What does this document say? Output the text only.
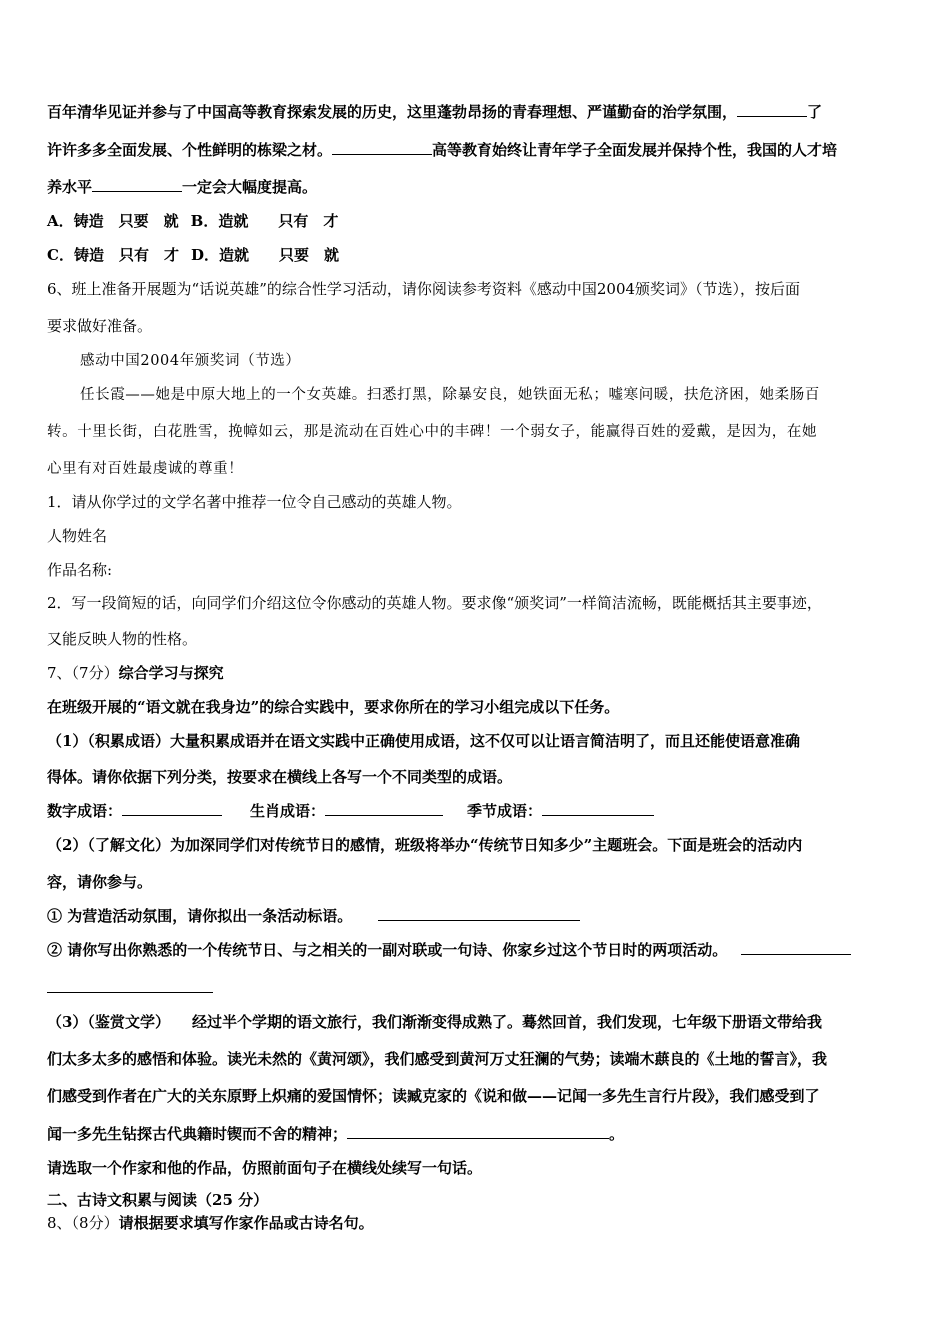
百年清华见证并参与了中国高等教育探索发展的历史，这里蓬勃昂扬的青春理想、严谨勤奋的治学氛围，	了
许许多多全面发展、个性鲜明的栋梁之材。	高等教育始终让青年学子全面发展并保持个性，我国的人才培
养水平	一定会大幅度提高。
A．铸造　只要　就 B．造就　　只有　才
C．铸造　只有　才 D．造就　　只要　就
6、班上准备开展题为“话说英雄”的综合性学习活动，请你阅读参考资料《感动中国2004颁奖词》（节选），按后面
要求做好准备。
感动中国2004年颁奖词（节选）
任长霞——她是中原大地上的一个女英雄。扫悉打黑，除暴安良，她铁面无私；嘘寒问暖，扶危济困，她柔肠百
转。十里长街，白花胜雪，挽幛如云，那是流动在百姓心中的丰碑！一个弱女子，能赢得百姓的爱戴，是因为，在她
心里有对百姓最虔诚的尊重！
1．请从你学过的文学名著中推荐一位令自己感动的英雄人物。
人物姓名
作品名称:
2．写一段简短的话，向同学们介绍这位令你感动的英雄人物。要求像“颁奖词”一样简洁流畅，既能概括其主要事迹，
又能反映人物的性格。
7、（7分）综合学习与探究
在班级开展的“语文就在我身边”的综合实践中，要求你所在的学习小组完成以下任务。
（1）（积累成语）大量积累成语并在语文实践中正确使用成语，这不仅可以让语言简洁明了，而且还能使语意准确
得体。请你依据下列分类，按要求在横线上各写一个不同类型的成语。
数字成语：	生肖成语：	季节成语：
（2）（了解文化）为加深同学们对传统节日的感情，班级将举办“传统节日知多少”主题班会。下面是班会的活动内
容，请你参与。
① 为营造活动氛围，请你拟出一条活动标语。
② 请你写出你熟悉的一个传统节日、与之相关的一副对联或一句诗、你家乡过这个节日时的两项活动。
（3）（鉴赏文学） 经过半个学期的语文旅行，我们渐渐变得成熟了。蓦然回首，我们发现，七年级下册语文带给我
们太多太多的感悟和体验。读光未然的《黄河颂》，我们感受到黄河万丈狂澜的气势；读端木蕻良的《土地的誓言》，我
们感受到作者在广大的关东原野上炽痛的爱国情怀；读臧克家的《说和做——记闻一多先生言行片段》，我们感受到了
闻一多先生钻探古代典籍时锲而不舍的精神；	。
请选取一个作家和他的作品，仿照前面句子在横线处续写一句话。
二、古诗文积累与阅读（25 分）
8、（8分）请根据要求填写作家作品或古诗名句。
